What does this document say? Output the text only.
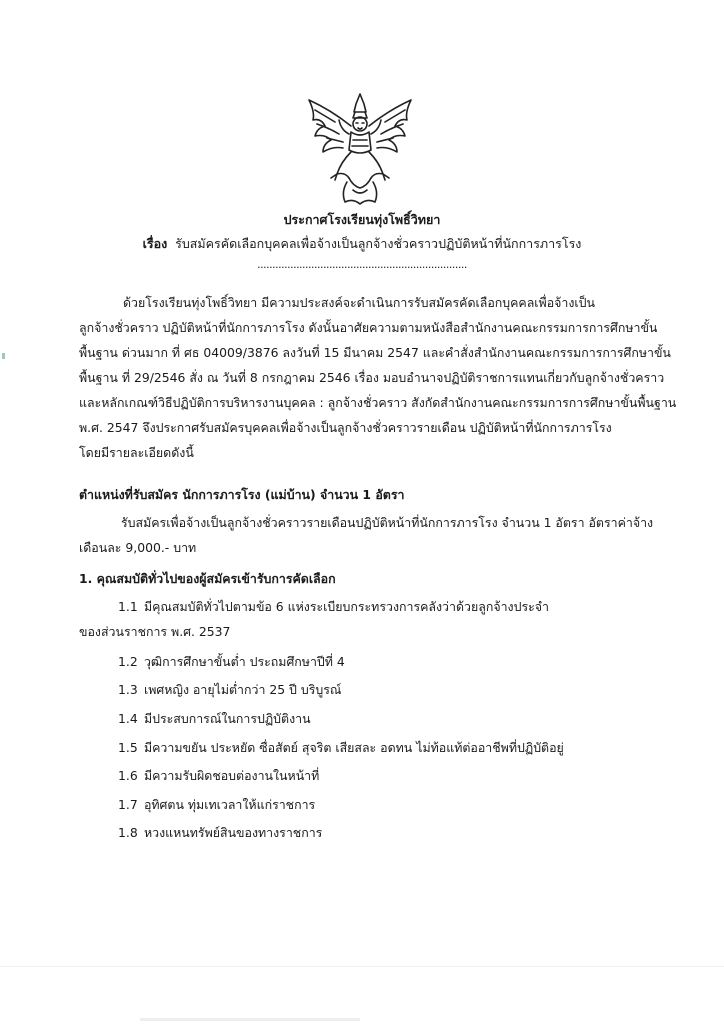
ประกาศโรงเรียนทุ่งโพธิ์วิทยา
เรื่อง รับสมัครคัดเลือกบุคคลเพื่อจ้างเป็นลูกจ้างชั่วคราวปฏิบัติหน้าที่นักการภารโรง
......................................................................
ด้วยโรงเรียนทุ่งโพธิ์วิทยา มีความประสงค์จะดำเนินการรับสมัครคัดเลือกบุคคลเพื่อจ้างเป็น
ลูกจ้างชั่วคราว ปฏิบัติหน้าที่นักการภารโรง ดังนั้นอาศัยความตามหนังสือสำนักงานคณะกรรมการการศึกษาขั้น
พื้นฐาน ด่วนมาก ที่ ศธ 04009/3876 ลงวันที่ 15 มีนาคม 2547 และคำสั่งสำนักงานคณะกรรมการการศึกษาขั้น
พื้นฐาน ที่ 29/2546 สั่ง ณ วันที่ 8 กรกฎาคม 2546 เรื่อง มอบอำนาจปฏิบัติราชการแทนเกี่ยวกับลูกจ้างชั่วคราว
และหลักเกณฑ์วิธีปฏิบัติการบริหารงานบุคคล : ลูกจ้างชั่วคราว สังกัดสำนักงานคณะกรรมการการศึกษาขั้นพื้นฐาน
พ.ศ. 2547 จึงประกาศรับสมัครบุคคลเพื่อจ้างเป็นลูกจ้างชั่วคราวรายเดือน ปฏิบัติหน้าที่นักการภารโรง
โดยมีรายละเอียดดังนี้
ตำแหน่งที่รับสมัคร นักการภารโรง (แม่บ้าน) จำนวน 1 อัตรา
รับสมัครเพื่อจ้างเป็นลูกจ้างชั่วคราวรายเดือนปฏิบัติหน้าที่นักการภารโรง จำนวน 1 อัตรา อัตราค่าจ้าง
เดือนละ 9,000.- บาท
1. คุณสมบัติทั่วไปของผู้สมัครเข้ารับการคัดเลือก
1.1 มีคุณสมบัติทั่วไปตามข้อ 6 แห่งระเบียบกระทรวงการคลังว่าด้วยลูกจ้างประจำ
ของส่วนราชการ พ.ศ. 2537
1.2 วุฒิการศึกษาขั้นต่ำ ประถมศึกษาปีที่ 4
1.3 เพศหญิง อายุไม่ต่ำกว่า 25 ปี บริบูรณ์
1.4 มีประสบการณ์ในการปฏิบัติงาน
1.5 มีความขยัน ประหยัด ซื่อสัตย์ สุจริต เสียสละ อดทน ไม่ท้อแท้ต่ออาชีพที่ปฏิบัติอยู่
1.6 มีความรับผิดชอบต่องานในหน้าที่
1.7 อุทิศตน ทุ่มเทเวลาให้แก่ราชการ
1.8 หวงแหนทรัพย์สินของทางราชการ
